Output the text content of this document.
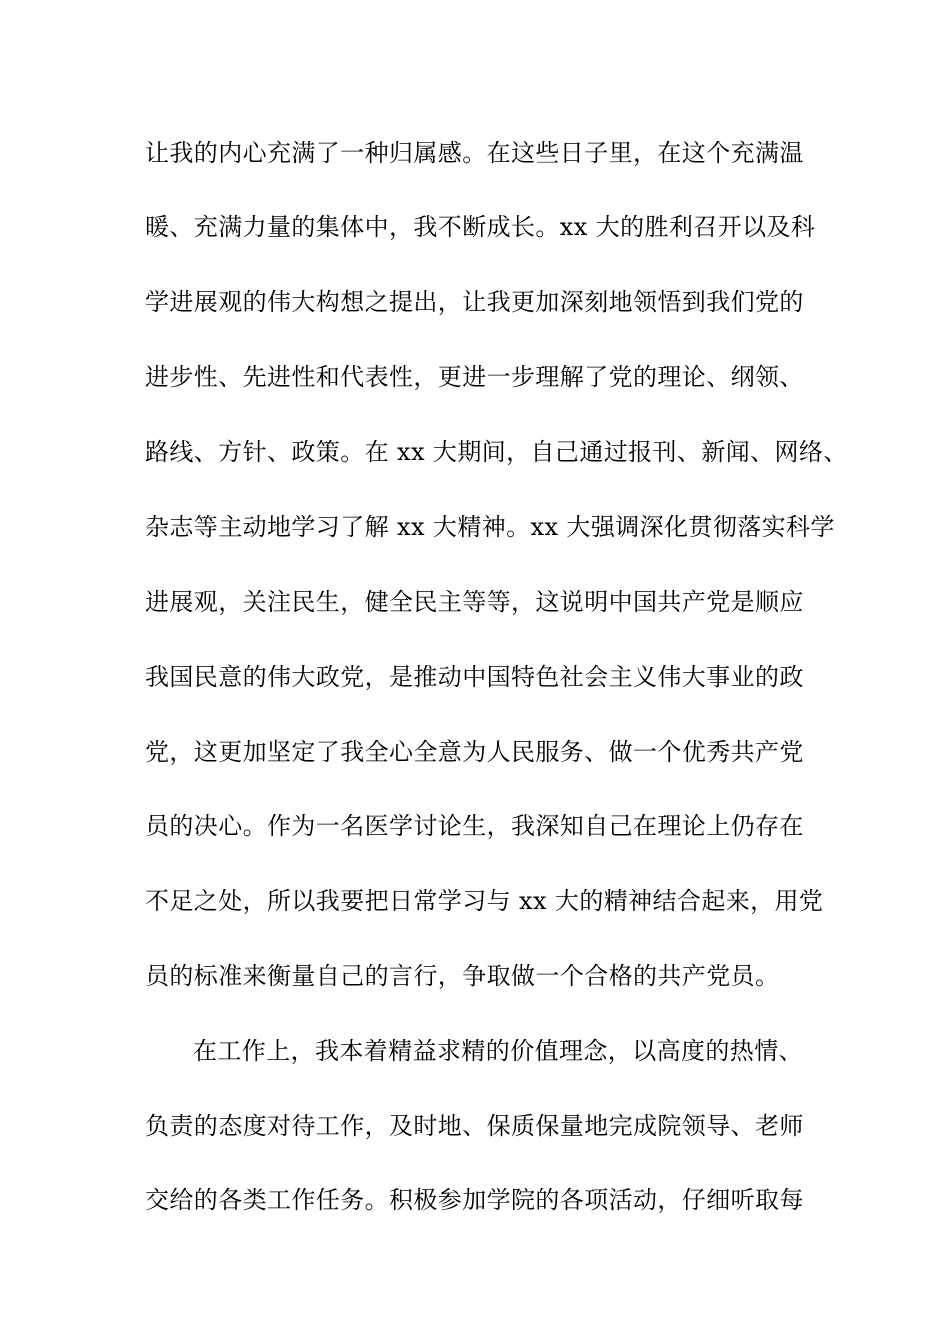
让我的内心充满了一种归属感。在这些日子里，在这个充满温
暖、充满力量的集体中，我不断成长。xx 大的胜利召开以及科
学进展观的伟大构想之提出，让我更加深刻地领悟到我们党的
进步性、先进性和代表性，更进一步理解了党的理论、纲领、
路线、方针、政策。在 xx 大期间，自己通过报刊、新闻、网络、
杂志等主动地学习了解 xx 大精神。xx 大强调深化贯彻落实科学
进展观，关注民生，健全民主等等，这说明中国共产党是顺应
我国民意的伟大政党，是推动中国特色社会主义伟大事业的政
党，这更加坚定了我全心全意为人民服务、做一个优秀共产党
员的决心。作为一名医学讨论生，我深知自己在理论上仍存在
不足之处，所以我要把日常学习与 xx 大的精神结合起来，用党
员的标准来衡量自己的言行，争取做一个合格的共产党员。
在工作上，我本着精益求精的价值理念，以高度的热情、
负责的态度对待工作，及时地、保质保量地完成院领导、老师
交给的各类工作任务。积极参加学院的各项活动，仔细听取每
